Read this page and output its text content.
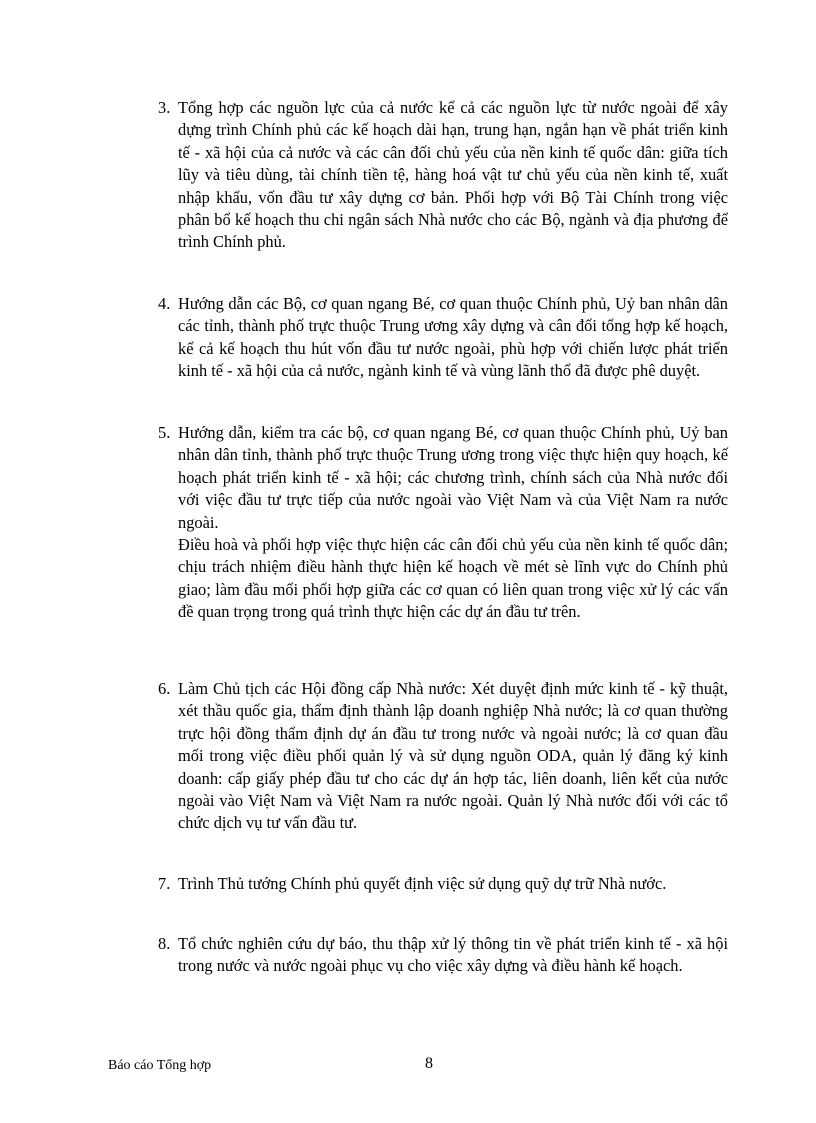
3. Tổng hợp các nguồn lực của cả nước kể cả các nguồn lực từ nước ngoài để xây dựng trình Chính phủ các kế hoạch dài hạn, trung hạn, ngắn hạn về phát triển kinh tế - xã hội của cả nước và các cân đối chủ yếu của nền kinh tế quốc dân: giữa tích lũy và tiêu dùng, tài chính tiền tệ, hàng hoá vật tư chủ yếu của nền kinh tế, xuất nhập khẩu, vốn đầu tư xây dựng cơ bản. Phối hợp với Bộ Tài Chính trong việc phân bổ kế hoạch thu chi ngân sách Nhà nước cho các Bộ, ngành và địa phương để trình Chính phủ.

4. Hướng dẫn các Bộ, cơ quan ngang Bé, cơ quan thuộc Chính phủ, Uỷ ban nhân dân các tỉnh, thành phố trực thuộc Trung ương xây dựng và cân đối tổng hợp kế hoạch, kể cả kế hoạch thu hút vốn đầu tư nước ngoài, phù hợp với chiến lược phát triển kinh tế - xã hội của cả nước, ngành kinh tế và vùng lãnh thổ đã được phê duyệt.

5. Hướng dẫn, kiểm tra các bộ, cơ quan ngang Bé, cơ quan thuộc Chính phủ, Uỷ ban nhân dân tỉnh, thành phố trực thuộc Trung ương trong việc thực hiện quy hoạch, kế hoạch phát triển kinh tế - xã hội; các chương trình, chính sách của Nhà nước đối với việc đầu tư trực tiếp của nước ngoài vào Việt Nam và của Việt Nam ra nước ngoài.

Điều hoà và phối hợp việc thực hiện các cân đối chủ yếu của nền kinh tế quốc dân; chịu trách nhiệm điều hành thực hiện kế hoạch về mét sè lĩnh vực do Chính phủ giao; làm đầu mối phối hợp giữa các cơ quan có liên quan trong việc xử lý các vấn đề quan trọng trong quá trình thực hiện các dự án đầu tư trên.

6. Làm Chủ tịch các Hội đồng cấp Nhà nước: Xét duyệt định mức kinh tế - kỹ thuật, xét thầu quốc gia, thẩm định thành lập doanh nghiệp Nhà nước; là cơ quan thường trực hội đồng thẩm định dự án đầu tư trong nước và ngoài nước; là cơ quan đầu mối trong việc điều phối quản lý và sử dụng nguồn ODA, quản lý đăng ký kinh doanh: cấp giấy phép đầu tư cho các dự án hợp tác, liên doanh, liên kết của nước ngoài vào Việt Nam và Việt Nam ra nước ngoài. Quản lý Nhà nước đối với các tổ chức dịch vụ tư vấn đầu tư.

7. Trình Thủ tướng Chính phủ quyết định việc sử dụng quỹ dự trữ Nhà nước.

8. Tổ chức nghiên cứu dự báo, thu thập xử lý thông tin về phát triển kinh tế - xã hội trong nước và nước ngoài phục vụ cho việc xây dựng và điều hành kế hoạch.

Báo cáo Tổng hợp	8
